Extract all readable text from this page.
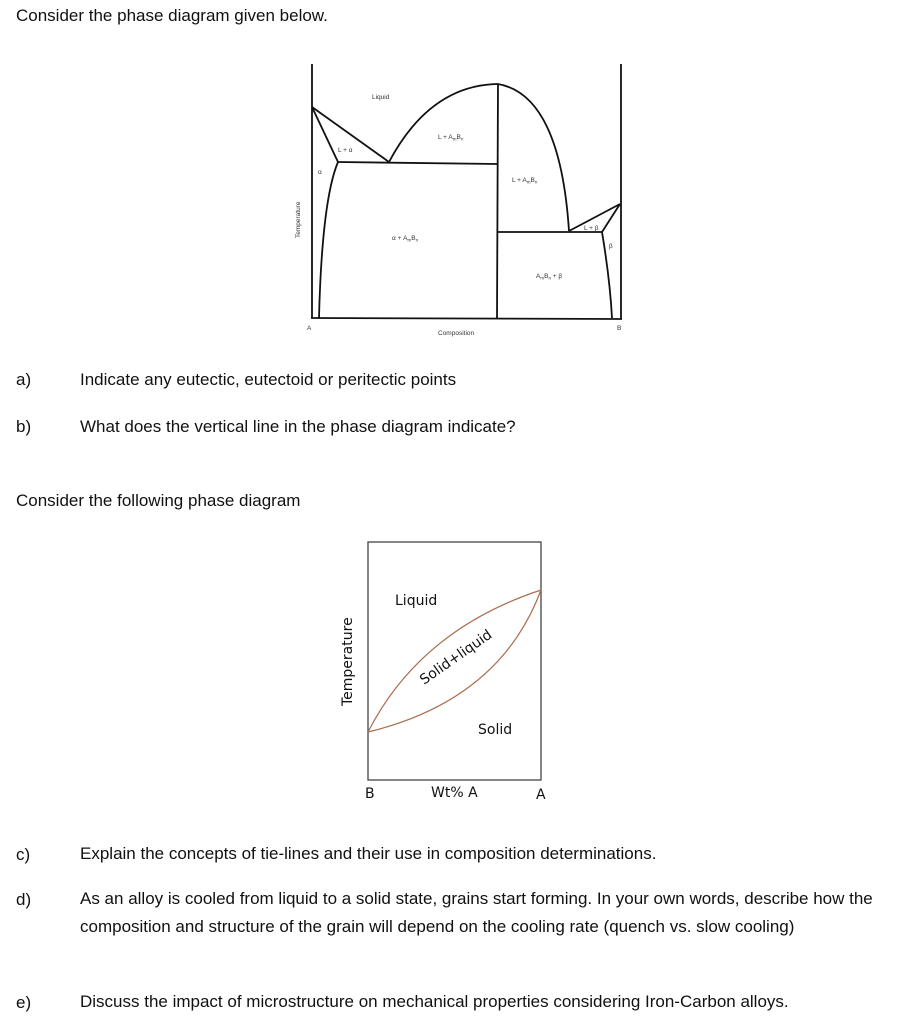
Consider the phase diagram given below.
Liquid
L + α
α
$L + A_mB_n$
$\alpha + A_mB_n$
$L + A_mB_n$
L + β
β
$A_mB_n + \beta$
A	B
Composition
Temperature
a)	Indicate any eutectic, eutectoid or peritectic points
b)	What does the vertical line in the phase diagram indicate?
Consider the following phase diagram
Liquid
Solid+liquid
Solid
B	Wt% A	A
Temperature
c)	Explain the concepts of tie-lines and their use in composition determinations.
d)	As an alloy is cooled from liquid to a solid state, grains start forming. In your own words, describe how the composition and structure of the grain will depend on the cooling rate (quench vs. slow cooling)
e)	Discuss the impact of microstructure on mechanical properties considering Iron-Carbon alloys.
